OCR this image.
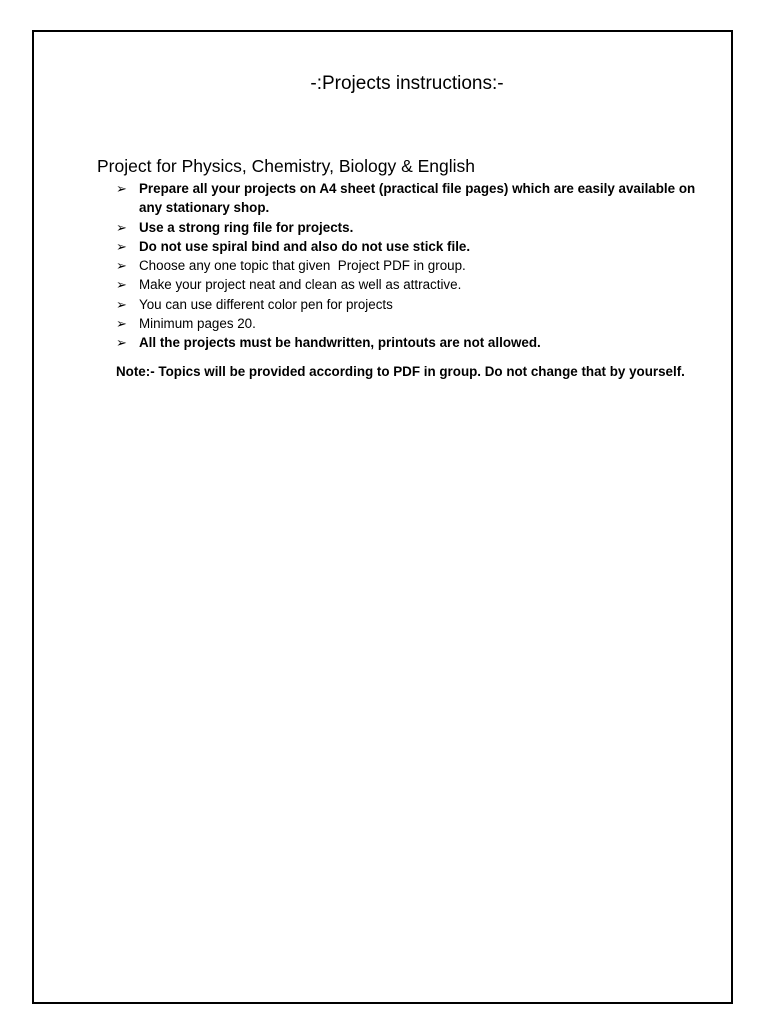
-:Projects instructions:-
Project for Physics, Chemistry, Biology & English
➢ Prepare all your projects on A4 sheet (practical file pages) which are easily available on any stationary shop.
➢ Use a strong ring file for projects.
➢ Do not use spiral bind and also do not use stick file.
➢ Choose any one topic that given  Project PDF in group.
➢ Make your project neat and clean as well as attractive.
➢ You can use different color pen for projects
➢ Minimum pages 20.
➢ All the projects must be handwritten, printouts are not allowed.

Note:- Topics will be provided according to PDF in group. Do not change that by yourself.
